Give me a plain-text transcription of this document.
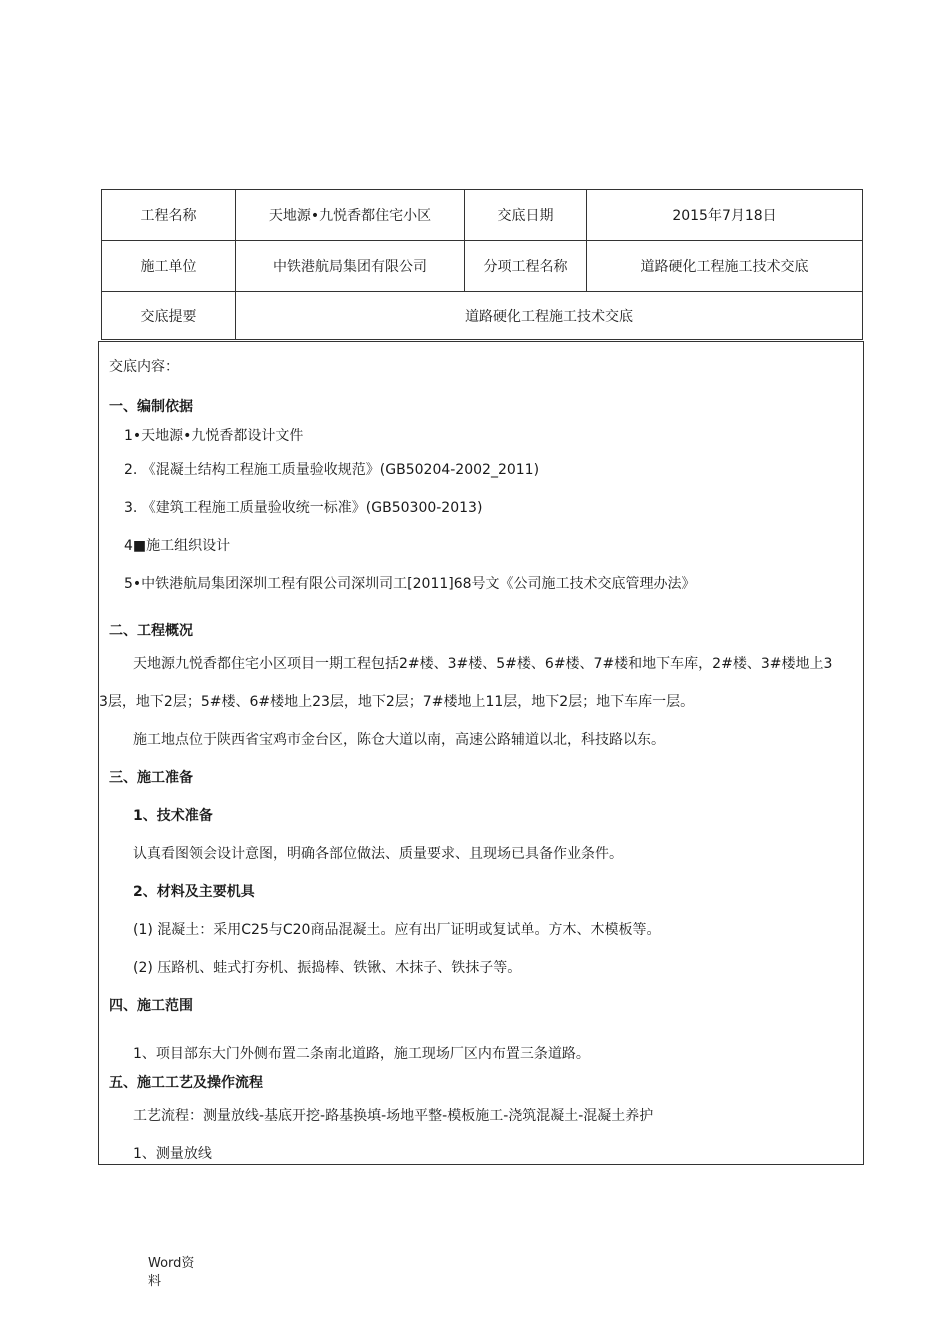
工程名称	天地源•九悦香都住宅小区	交底日期	2015年7月18日
施工单位	中铁港航局集团有限公司	分项工程名称	道路硬化工程施工技术交底
交底提要	道路硬化工程施工技术交底		
交底内容：
一、编制依据
1•天地源•九悦香都设计文件
2. 《混凝土结构工程施工质量验收规范》(GB50204-2002_2011)
3. 《建筑工程施工质量验收统一标准》(GB50300-2013)
4■施工组织设计
5•中铁港航局集团深圳工程有限公司深圳司工[2011]68号文《公司施工技术交底管理办法》
二、工程概况
天地源九悦香都住宅小区项目一期工程包括2#楼、3#楼、5#楼、6#楼、7#楼和地下车库，2#楼、3#楼地上3
3层，地下2层；5#楼、6#楼地上23层，地下2层；7#楼地上11层，地下2层；地下车库一层。
施工地点位于陕西省宝鸡市金台区，陈仓大道以南，高速公路辅道以北，科技路以东。
三、施工准备
1、技术准备
认真看图领会设计意图，明确各部位做法、质量要求、且现场已具备作业条件。
2、材料及主要机具
(1) 混凝土：采用C25与C20商品混凝土。应有出厂证明或复试单。方木、木模板等。
(2) 压路机、蛙式打夯机、振捣棒、铁锹、木抹子、铁抹子等。
四、施工范围
1、项目部东大门外侧布置二条南北道路，施工现场厂区内布置三条道路。
五、施工工艺及操作流程
工艺流程：测量放线-基底开挖-路基换填-场地平整-模板施工-浇筑混凝土-混凝土养护
1、测量放线
Word资
料
